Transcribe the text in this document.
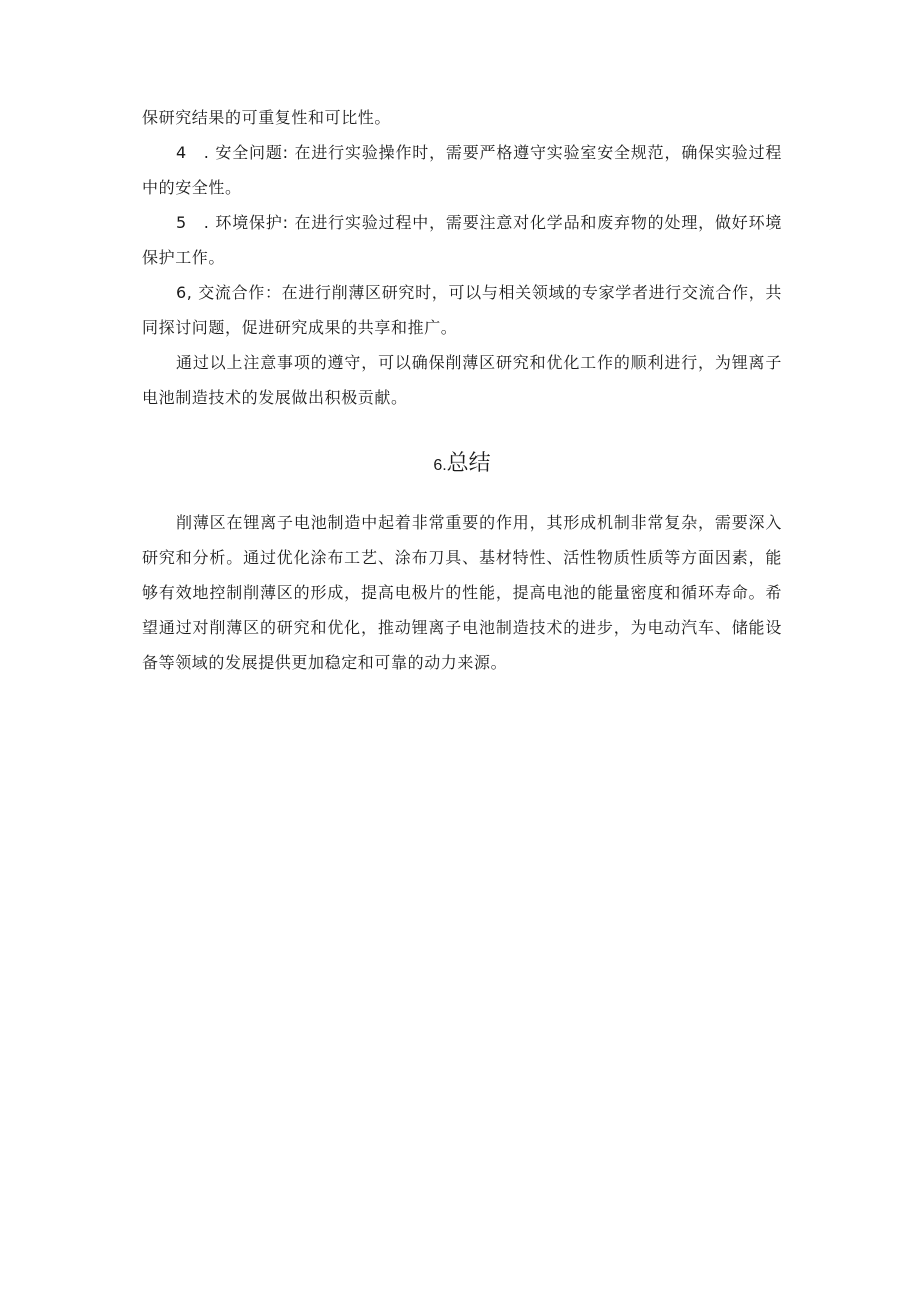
保研究结果的可重复性和可比性。

4　. 安全问题: 在进行实验操作时，需要严格遵守实验室安全规范，确保实验过程中的安全性。

5　. 环境保护: 在进行实验过程中，需要注意对化学品和废弃物的处理，做好环境保护工作。

6, 交流合作：在进行削薄区研究时，可以与相关领域的专家学者进行交流合作，共同探讨问题，促进研究成果的共享和推广。

通过以上注意事项的遵守，可以确保削薄区研究和优化工作的顺利进行，为锂离子电池制造技术的发展做出积极贡献。

6.总结

削薄区在锂离子电池制造中起着非常重要的作用，其形成机制非常复杂，需要深入研究和分析。通过优化涂布工艺、涂布刀具、基材特性、活性物质性质等方面因素，能够有效地控制削薄区的形成，提高电极片的性能，提高电池的能量密度和循环寿命。希望通过对削薄区的研究和优化，推动锂离子电池制造技术的进步，为电动汽车、储能设备等领域的发展提供更加稳定和可靠的动力来源。
